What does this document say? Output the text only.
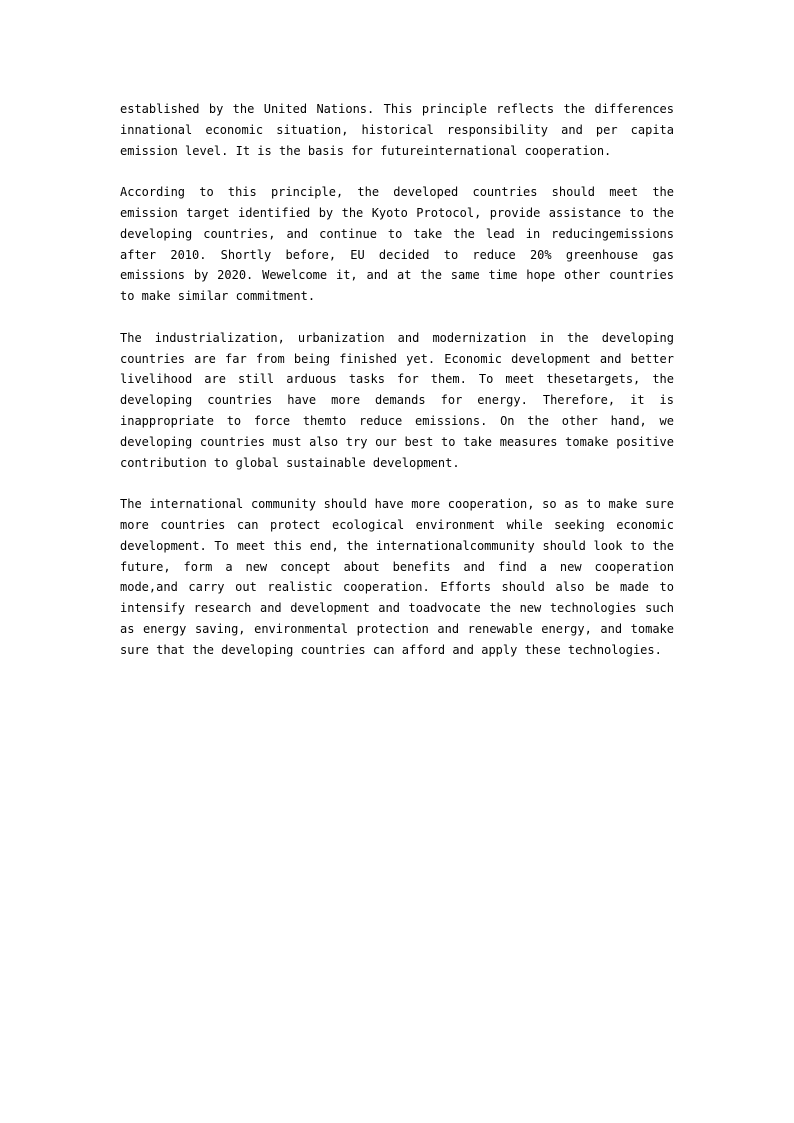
established by the United Nations. This principle reflects the differences innational economic situation, historical responsibility and per capita emission level. It is the basis for futureinternational cooperation.

According to this principle, the developed countries should meet the emission target identified by the Kyoto Protocol, provide assistance to the developing countries, and continue to take the lead in reducingemissions after 2010. Shortly before, EU decided to reduce 20% greenhouse gas emissions by 2020. Wewelcome it, and at the same time hope other countries to make similar commitment.

The industrialization, urbanization and modernization in the developing countries are far from being finished yet. Economic development and better livelihood are still arduous tasks for them. To meet thesetargets, the developing countries have more demands for energy. Therefore, it is inappropriate to force themto reduce emissions. On the other hand, we developing countries must also try our best to take measures tomake positive contribution to global sustainable development.

The international community should have more cooperation, so as to make sure more countries can protect ecological environment while seeking economic development. To meet this end, the internationalcommunity should look to the future, form a new concept about benefits and find a new cooperation mode,and carry out realistic cooperation. Efforts should also be made to intensify research and development and toadvocate the new technologies such as energy saving, environmental protection and renewable energy, and tomake sure that the developing countries can afford and apply these technologies.
